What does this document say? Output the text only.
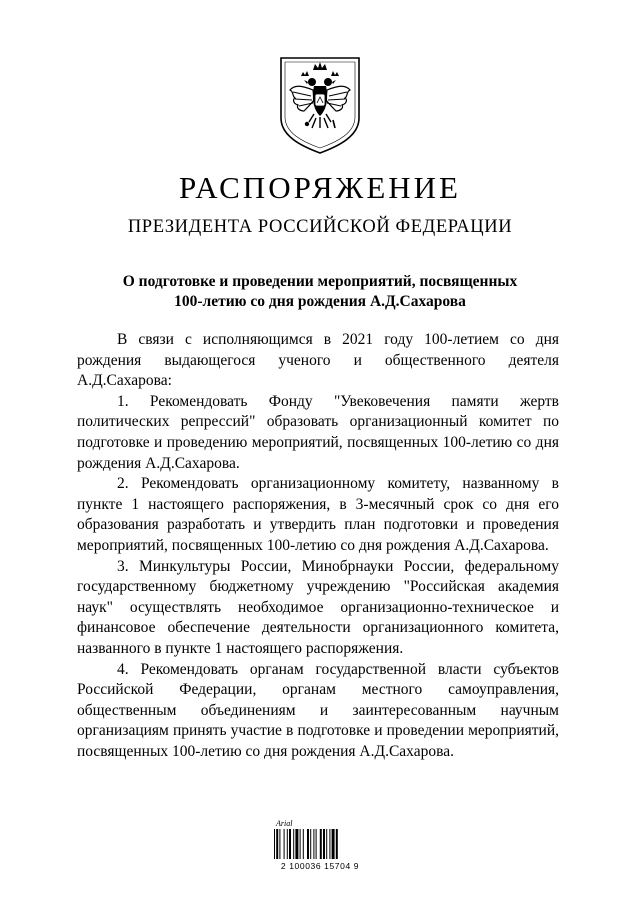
РАСПОРЯЖЕНИЕ
ПРЕЗИДЕНТА РОССИЙСКОЙ ФЕДЕРАЦИИ
О подготовке и проведении мероприятий, посвященных
100-летию со дня рождения А.Д.Сахарова

В связи с исполняющимся в 2021 году 100-летием со дня рождения выдающегося ученого и общественного деятеля А.Д.Сахарова:

1. Рекомендовать Фонду "Увековечения памяти жертв политических репрессий" образовать организационный комитет по подготовке и проведению мероприятий, посвященных 100-летию со дня рождения А.Д.Сахарова.

2. Рекомендовать организационному комитету, названному в пункте 1 настоящего распоряжения, в 3-месячный срок со дня его образования разработать и утвердить план подготовки и проведения мероприятий, посвященных 100-летию со дня рождения А.Д.Сахарова.

3. Минкультуры России, Минобрнауки России, федеральному государственному бюджетному учреждению "Российская академия наук" осуществлять необходимое организационно-техническое и финансовое обеспечение деятельности организационного комитета, названного в пункте 1 настоящего распоряжения.

4. Рекомендовать органам государственной власти субъектов Российской Федерации, органам местного самоуправления, общественным объединениям и заинтересованным научным организациям принять участие в подготовке и проведении мероприятий, посвященных 100-летию со дня рождения А.Д.Сахарова.

Arial
2 100036 15704 9
